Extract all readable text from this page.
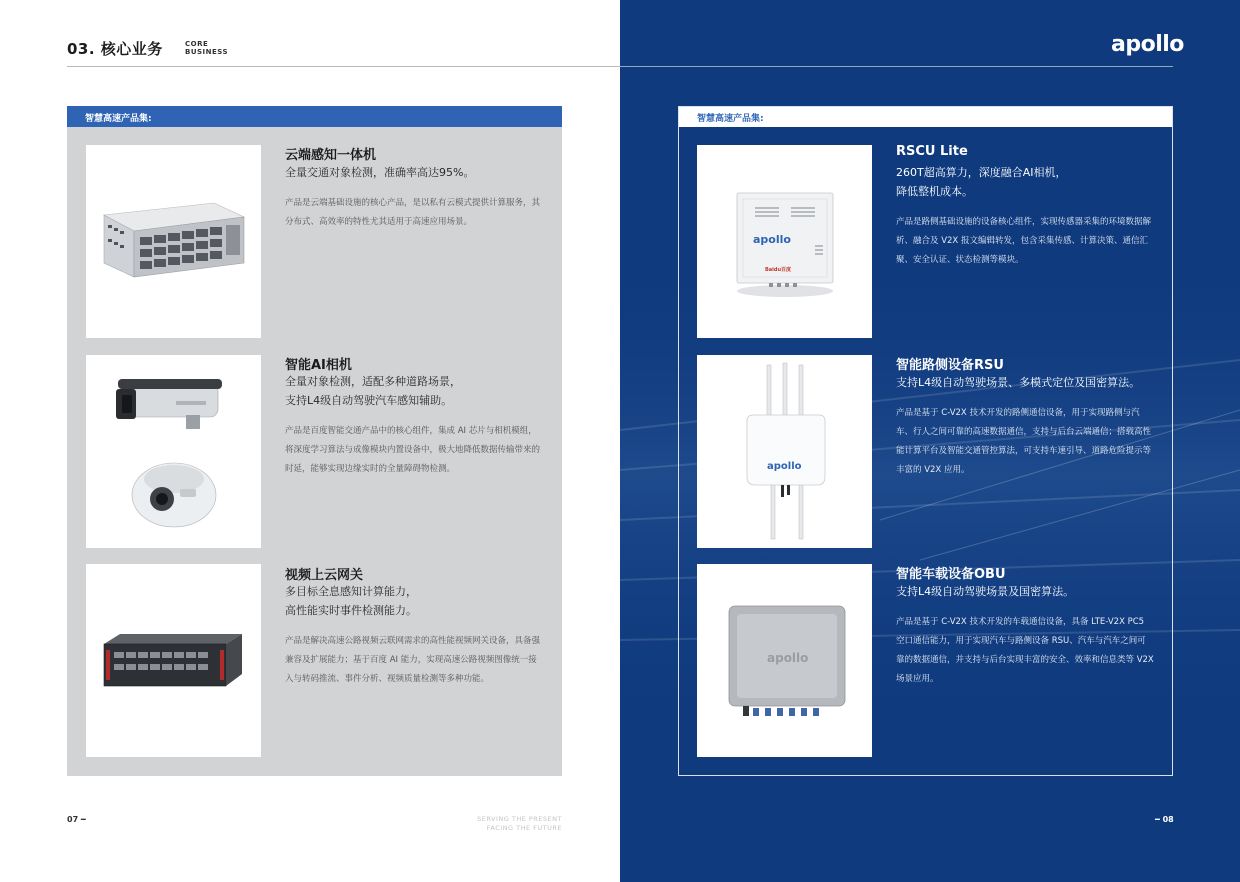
03. 核心业务	CORE
BUSINESS
智慧高速产品集:
云端感知一体机
全量交通对象检测，准确率高达95%。
产品是云端基础设施的核心产品，是以私有云模式提供计算服务，其分布式、高效率的特性尤其适用于高速应用场景。
智能AI相机
全量对象检测，适配多种道路场景，
支持L4级自动驾驶汽车感知辅助。
产品是百度智能交通产品中的核心组件，集成 AI 芯片与相机模组，将深度学习算法与成像模块内置设备中，极大地降低数据传输带来的时延，能够实现边缘实时的全量障碍物检测。
视频上云网关
多目标全息感知计算能力，
高性能实时事件检测能力。
产品是解决高速公路视频云联网需求的高性能视频网关设备，具备强兼容及扩展能力；基于百度 AI 能力，实现高速公路视频图像统一接入与转码推流、事件分析、视频质量检测等多种功能。
07 ━	SERVING THE PRESENT
FACING THE FUTURE
apollo
智慧高速产品集:
apollo
Baidu百度
RSCU Lite
260T超高算力，深度融合AI相机，
降低整机成本。
产品是路侧基础设施的设备核心组件，实现传感器采集的环境数据解析、融合及 V2X 报文编辑转发，包含采集传感、计算决策、通信汇聚、安全认证、状态检测等模块。
apollo
智能路侧设备RSU
支持L4级自动驾驶场景、多模式定位及国密算法。
产品是基于 C-V2X 技术开发的路侧通信设备，用于实现路侧与汽车、行人之间可靠的高速数据通信，支持与后台云端通信；搭载高性能计算平台及智能交通管控算法，可支持车速引导、道路危险提示等丰富的 V2X 应用。
apollo
智能车载设备OBU
支持L4级自动驾驶场景及国密算法。
产品是基于 C-V2X 技术开发的车载通信设备，具备 LTE-V2X PC5 空口通信能力，用于实现汽车与路侧设备 RSU、汽车与汽车之间可靠的数据通信，并支持与后台实现丰富的安全、效率和信息类等 V2X 场景应用。
━ 08
